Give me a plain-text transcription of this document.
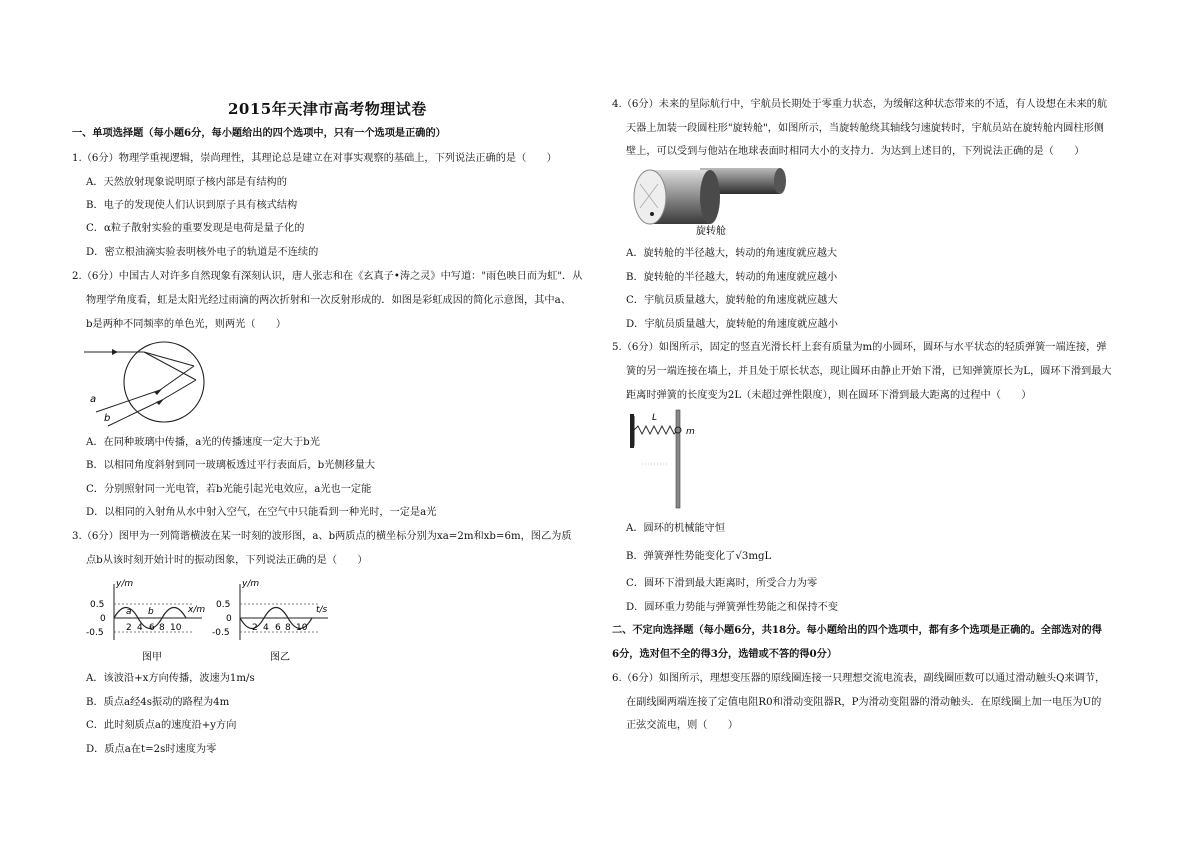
2015年天津市高考物理试卷
一、单项选择题（每小题6分，每小题给出的四个选项中，只有一个选项是正确的）
1.（6分）物理学重视逻辑，崇尚理性，其理论总是建立在对事实观察的基础上，下列说法正确的是（　　）
A．天然放射现象说明原子核内部是有结构的
B．电子的发现使人们认识到原子具有核式结构
C．α粒子散射实验的重要发现是电荷是量子化的
D．密立根油滴实验表明核外电子的轨道是不连续的
2.（6分）中国古人对许多自然现象有深刻认识，唐人张志和在《玄真子•涛之灵》中写道："雨色映日而为虹"．从
物理学角度看，虹是太阳光经过雨滴的两次折射和一次反射形成的．如图是彩虹成因的简化示意图，其中a、
b是两种不同频率的单色光，则两光（　　）
a
b
A．在同种玻璃中传播，a光的传播速度一定大于b光
B．以相同角度斜射到同一玻璃板透过平行表面后，b光侧移量大
C．分别照射同一光电管，若b光能引起光电效应，a光也一定能
D．以相同的入射角从水中射入空气，在空气中只能看到一种光时，一定是a光
3.（6分）图甲为一列简谐横波在某一时刻的波形图，a、b两质点的横坐标分别为xa=2m和xb=6m，图乙为质
点b从该时刻开始计时的振动图象，下列说法正确的是（　　）
y/m
x/m
0.5
0
-0.5 2 4 6 8 10
a b
图甲
y/m
t/s
0.5
0
-0.5 2 4 6 8 10
图乙
A．该波沿+x方向传播，波速为1m/s
B．质点a经4s振动的路程为4m
C．此时刻质点a的速度沿+y方向
D．质点a在t=2s时速度为零
4.（6分）未来的星际航行中，宇航员长期处于零重力状态，为缓解这种状态带来的不适，有人设想在未来的航
天器上加装一段圆柱形"旋转舱"，如图所示，当旋转舱绕其轴线匀速旋转时，宇航员站在旋转舱内圆柱形侧
壁上，可以受到与他站在地球表面时相同大小的支持力．为达到上述目的，下列说法正确的是（　　）
旋转舱
A．旋转舱的半径越大，转动的角速度就应越大
B．旋转舱的半径越大，转动的角速度就应越小
C．宇航员质量越大，旋转舱的角速度就应越大
D．宇航员质量越大，旋转舱的角速度就应越小
5.（6分）如图所示，固定的竖直光滑长杆上套有质量为m的小圆环，圆环与水平状态的轻质弹簧一端连接，弹
簧的另一端连接在墙上，并且处于原长状态，现让圆环由静止开始下滑，已知弹簧原长为L，圆环下滑到最大
距离时弹簧的长度变为2L（未超过弹性限度），则在圆环下滑到最大距离的过程中（　　）
L
m
A．圆环的机械能守恒
B．弹簧弹性势能变化了√3mgL
C．圆环下滑到最大距离时，所受合力为零
D．圆环重力势能与弹簧弹性势能之和保持不变
二、不定向选择题（每小题6分，共18分。每小题给出的四个选项中，都有多个选项是正确的。全部选对的得
6分，选对但不全的得3分，选错或不答的得0分）
6.（6分）如图所示，理想变压器的原线圈连接一只理想交流电流表，副线圈匝数可以通过滑动触头Q来调节，
在副线圈两端连接了定值电阻R0和滑动变阻器R，P为滑动变阻器的滑动触头．在原线圈上加一电压为U的
正弦交流电，则（　　）
